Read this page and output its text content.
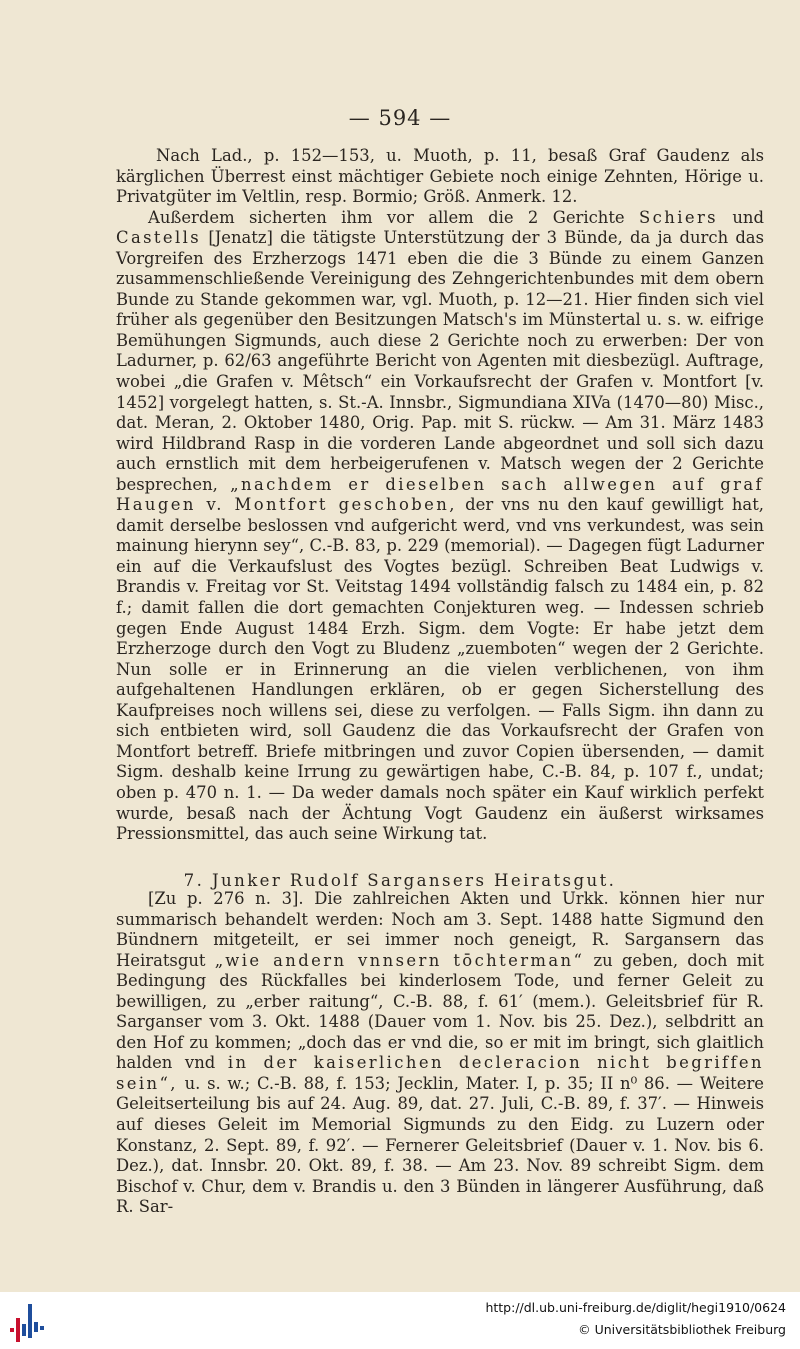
— 594 —

Nach Lad., p. 152—153, u. Muoth, p. 11, besaß Graf Gaudenz als kärglichen Überrest einst mächtiger Gebiete noch einige Zehnten, Hörige u. Privatgüter im Veltlin, resp. Bormio; Größ. Anmerk. 12.

Außerdem sicherten ihm vor allem die 2 Gerichte Schiers und Castells [Jenatz] die tätigste Unterstützung der 3 Bünde, da ja durch das Vorgreifen des Erzherzogs 1471 eben die die 3 Bünde zu einem Ganzen zusammenschließende Vereinigung des Zehngerichtenbundes mit dem obern Bunde zu Stande gekommen war, vgl. Muoth, p. 12—21. Hier finden sich viel früher als gegenüber den Besitzungen Matsch's im Münstertal u. s. w. eifrige Bemühungen Sigmunds, auch diese 2 Gerichte noch zu erwerben: Der von Ladurner, p. 62/63 angeführte Bericht von Agenten mit diesbezügl. Auftrage, wobei „die Grafen v. Mêtsch“ ein Vorkaufsrecht der Grafen v. Montfort [v. 1452] vorgelegt hatten, s. St.-A. Innsbr., Sigmundiana XIVa (1470—80) Misc., dat. Meran, 2. Oktober 1480, Orig. Pap. mit S. rückw. — Am 31. März 1483 wird Hildbrand Rasp in die vorderen Lande abgeordnet und soll sich dazu auch ernstlich mit dem herbeigerufenen v. Matsch wegen der 2 Gerichte besprechen, „nachdem er dieselben sach allwegen auf graf Haugen v. Montfort geschoben, der vns nu den kauf gewilligt hat, damit derselbe beslossen vnd aufgericht werd, vnd vns verkundest, was sein mainung hierynn sey“, C.-B. 83, p. 229 (memorial). — Dagegen fügt Ladurner ein auf die Verkaufslust des Vogtes bezügl. Schreiben Beat Ludwigs v. Brandis v. Freitag vor St. Veitstag 1494 vollständig falsch zu 1484 ein, p. 82 f.; damit fallen die dort gemachten Conjekturen weg. — Indessen schrieb gegen Ende August 1484 Erzh. Sigm. dem Vogte: Er habe jetzt dem Erzherzoge durch den Vogt zu Bludenz „zuemboten“ wegen der 2 Gerichte. Nun solle er in Erinnerung an die vielen verblichenen, von ihm aufgehaltenen Handlungen erklären, ob er gegen Sicherstellung des Kaufpreises noch willens sei, diese zu verfolgen. — Falls Sigm. ihn dann zu sich entbieten wird, soll Gaudenz die das Vorkaufsrecht der Grafen von Montfort betreff. Briefe mitbringen und zuvor Copien übersenden, — damit Sigm. deshalb keine Irrung zu gewärtigen habe, C.-B. 84, p. 107 f., undat; oben p. 470 n. 1. — Da weder damals noch später ein Kauf wirklich perfekt wurde, besaß nach der Ächtung Vogt Gaudenz ein äußerst wirksames Pressionsmittel, das auch seine Wirkung tat.

7. Junker Rudolf Sargansers Heiratsgut.

[Zu p. 276 n. 3]. Die zahlreichen Akten und Urkk. können hier nur summarisch behandelt werden: Noch am 3. Sept. 1488 hatte Sigmund den Bündnern mitgeteilt, er sei immer noch geneigt, R. Sargansern das Heiratsgut „wie andern vnnsern tōchterman“ zu geben, doch mit Bedingung des Rückfalles bei kinderlosem Tode, und ferner Geleit zu bewilligen, zu „erber raitung“, C.-B. 88, f. 61′ (mem.). Geleitsbrief für R. Sarganser vom 3. Okt. 1488 (Dauer vom 1. Nov. bis 25. Dez.), selbdritt an den Hof zu kommen; „doch das er vnd die, so er mit im bringt, sich glaitlich halden vnd in der kaiserlichen decleracion nicht begriffen sein“, u. s. w.; C.-B. 88, f. 153; Jecklin, Mater. I, p. 35; II n⁰ 86. — Weitere Geleitserteilung bis auf 24. Aug. 89, dat. 27. Juli, C.-B. 89, f. 37′. — Hinweis auf dieses Geleit im Memorial Sigmunds zu den Eidg. zu Luzern oder Konstanz, 2. Sept. 89, f. 92′. — Fernerer Geleitsbrief (Dauer v. 1. Nov. bis 6. Dez.), dat. Innsbr. 20. Okt. 89, f. 38. — Am 23. Nov. 89 schreibt Sigm. dem Bischof v. Chur, dem v. Brandis u. den 3 Bünden in längerer Ausführung, daß R. Sar-

http://dl.ub.uni-freiburg.de/diglit/hegi1910/0624
© Universitätsbibliothek Freiburg
